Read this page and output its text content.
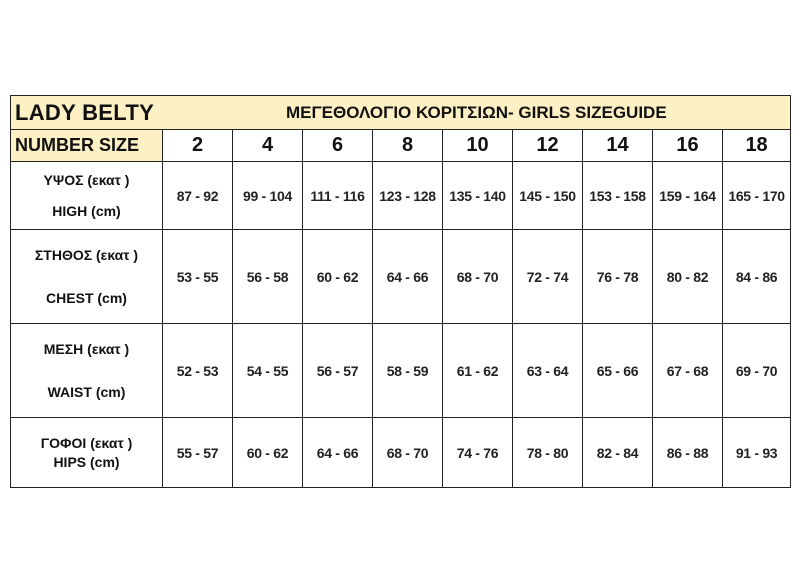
LADY BELTY	ΜΕΓΕΘΟΛΟΓΙΟ ΚΟΡΙΤΣΙΩΝ- GIRLS SIZEGUIDE								
NUMBER SIZE	2	4	6	8	10	12	14	16	18

ΥΨΟΣ (εκατ )
HIGH (cm)	87 - 92	99 - 104	111 - 116	123 - 128	135 - 140	145 - 150	153 - 158	159 - 164	165 - 170

ΣΤΗΘΟΣ (εκατ )
CHEST (cm)	53 - 55	56 - 58	60 - 62	64 - 66	68 - 70	72 - 74	76 - 78	80 - 82	84 - 86

ΜΕΣΗ (εκατ )
WAIST (cm)	52 - 53	54 - 55	56 - 57	58 - 59	61 - 62	63 - 64	65 - 66	67 - 68	69 - 70

ΓΟΦΟΙ (εκατ )
HIPS (cm)	55 - 57	60 - 62	64 - 66	68 - 70	74 - 76	78 - 80	82 - 84	86 - 88	91 - 93
